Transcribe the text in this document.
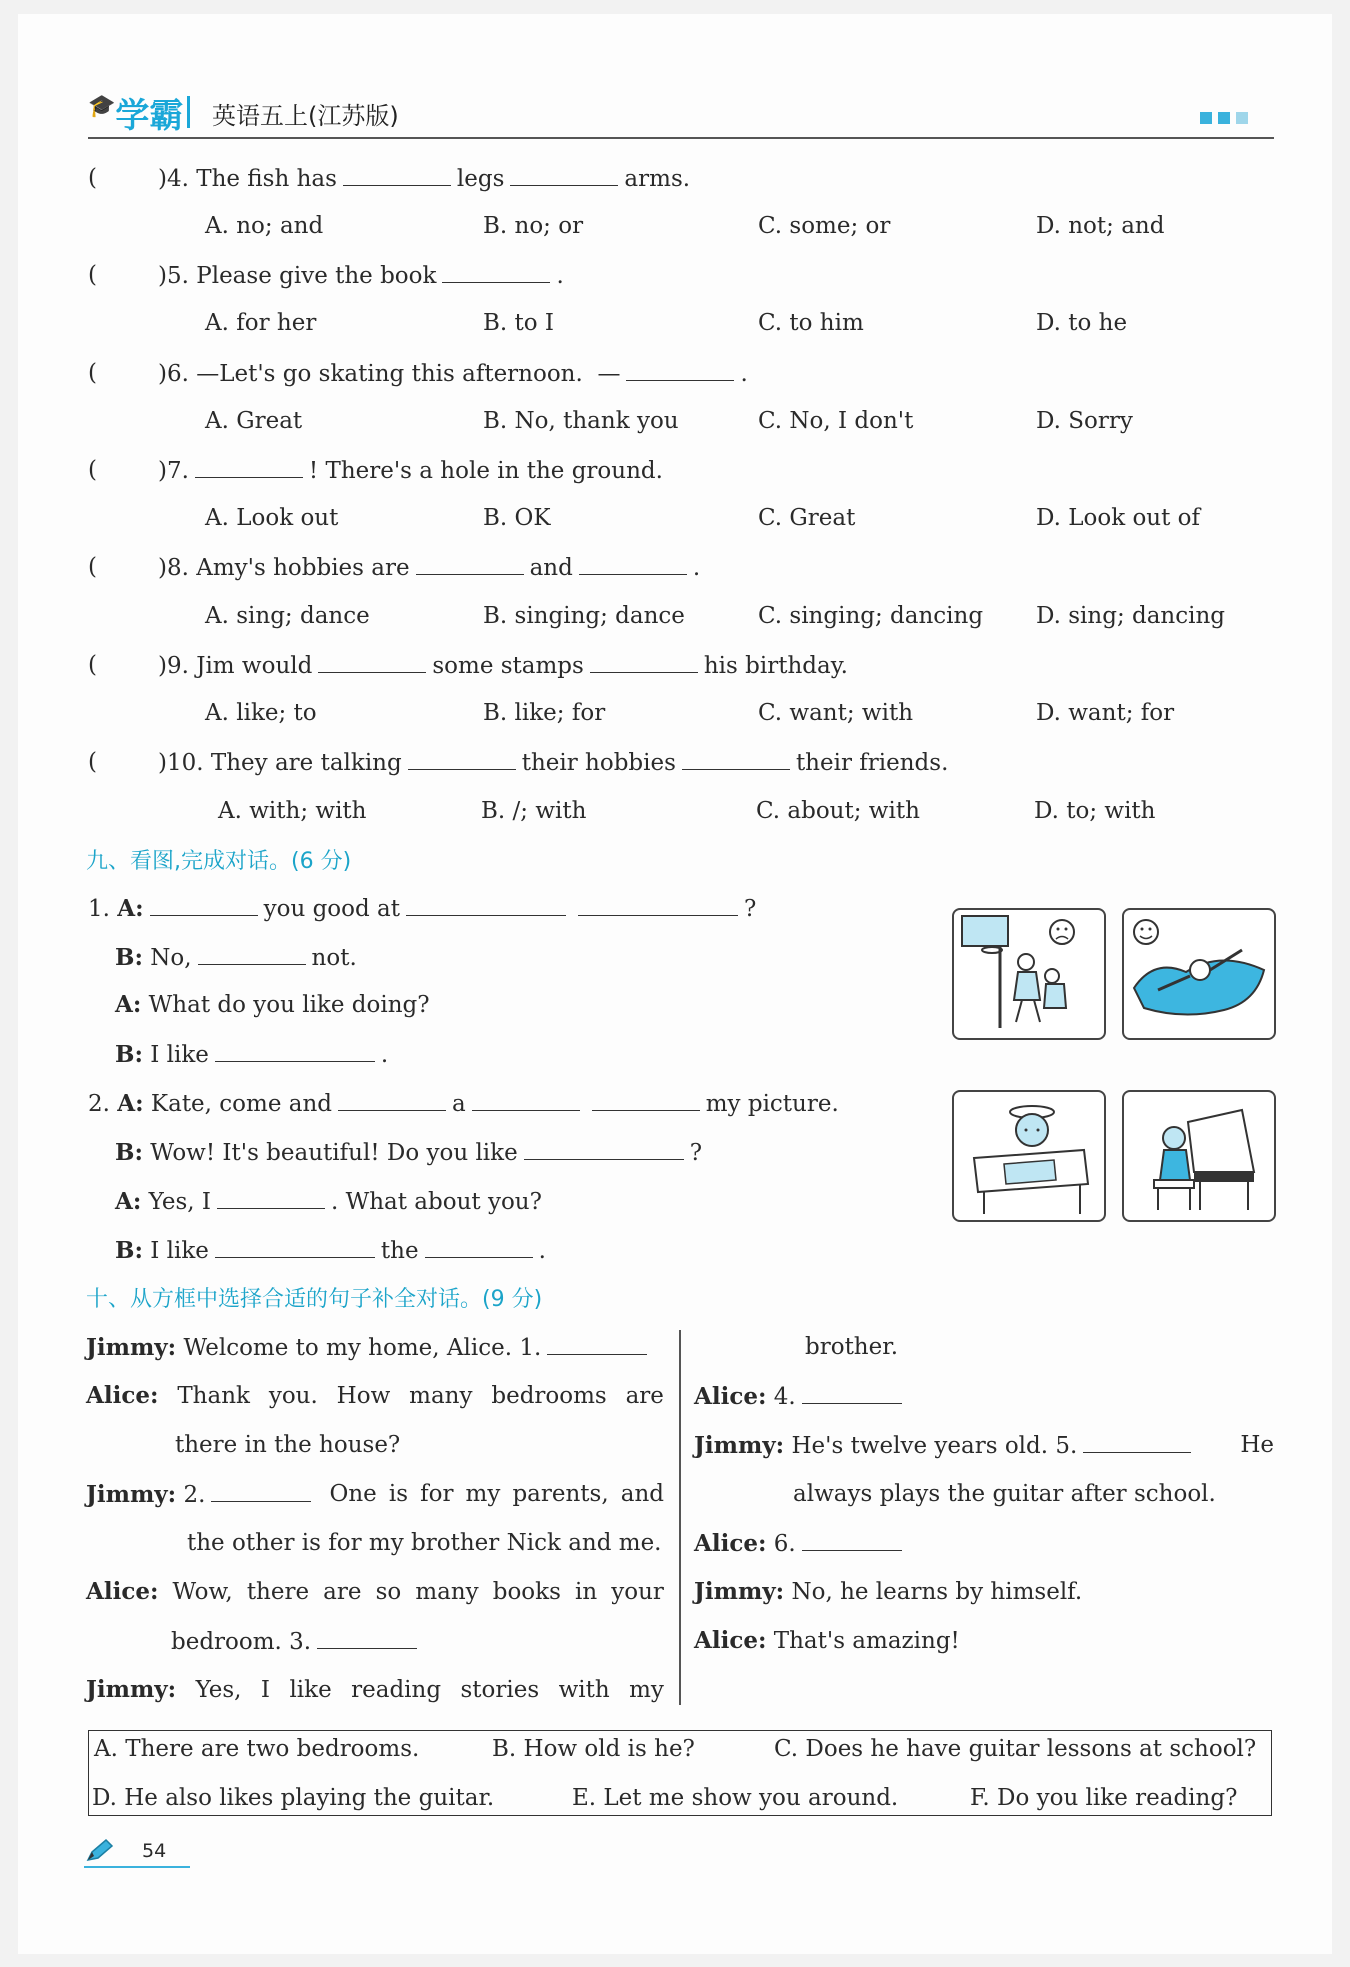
🎓学霸 英语五上(江苏版)
(	)4. The fish has	legs	arms.
A. no; and	B. no; or	C. some; or	D. not; and
(	)5. Please give the book	.
A. for her	B. to I	C. to him	D. to he
(	)6. —Let's go skating this afternoon. —	.
A. Great	B. No, thank you	C. No, I don't	D. Sorry
(	)7.	! There's a hole in the ground.
A. Look out	B. OK	C. Great	D. Look out of
(	)8. Amy's hobbies are	and	.
A. sing; dance	B. singing; dance	C. singing; dancing D. sing; dancing
(	)9. Jim would	some stamps	his birthday.
A. like; to	B. like; for	C. want; with	D. want; for
(	)10. They are talking	their hobbies	their friends.
A. with; with	B. /; with	C. about; with	D. to; with
九、看图,完成对话。(6 分)
1. A:	you good at	?
B: No,	not.
A: What do you like doing?
B: I like	.
2. A: Kate, come and	a	my picture.
B: Wow! It's beautiful! Do you like	?
A: Yes, I	. What about you?
B: I like	the	.
十、从方框中选择合适的句子补全对话。(9 分)
Jimmy: Welcome to my home, Alice. 1.
Alice: Thank you. How many bedrooms are
there in the house?
Jimmy: 2.	One is for my parents, and
the other is for my brother Nick and me.
Alice: Wow, there are so many books in your
bedroom. 3.
Jimmy: Yes, I like reading stories with my
brother.
Alice: 4.
Jimmy: He's twelve years old. 5.	He
always plays the guitar after school.
Alice: 6.
Jimmy: No, he learns by himself.
Alice: That's amazing!
A. There are two bedrooms.	B. How old is he?	C. Does he have guitar lessons at school?
D. He also likes playing the guitar.	E. Let me show you around.	F. Do you like reading?
54
